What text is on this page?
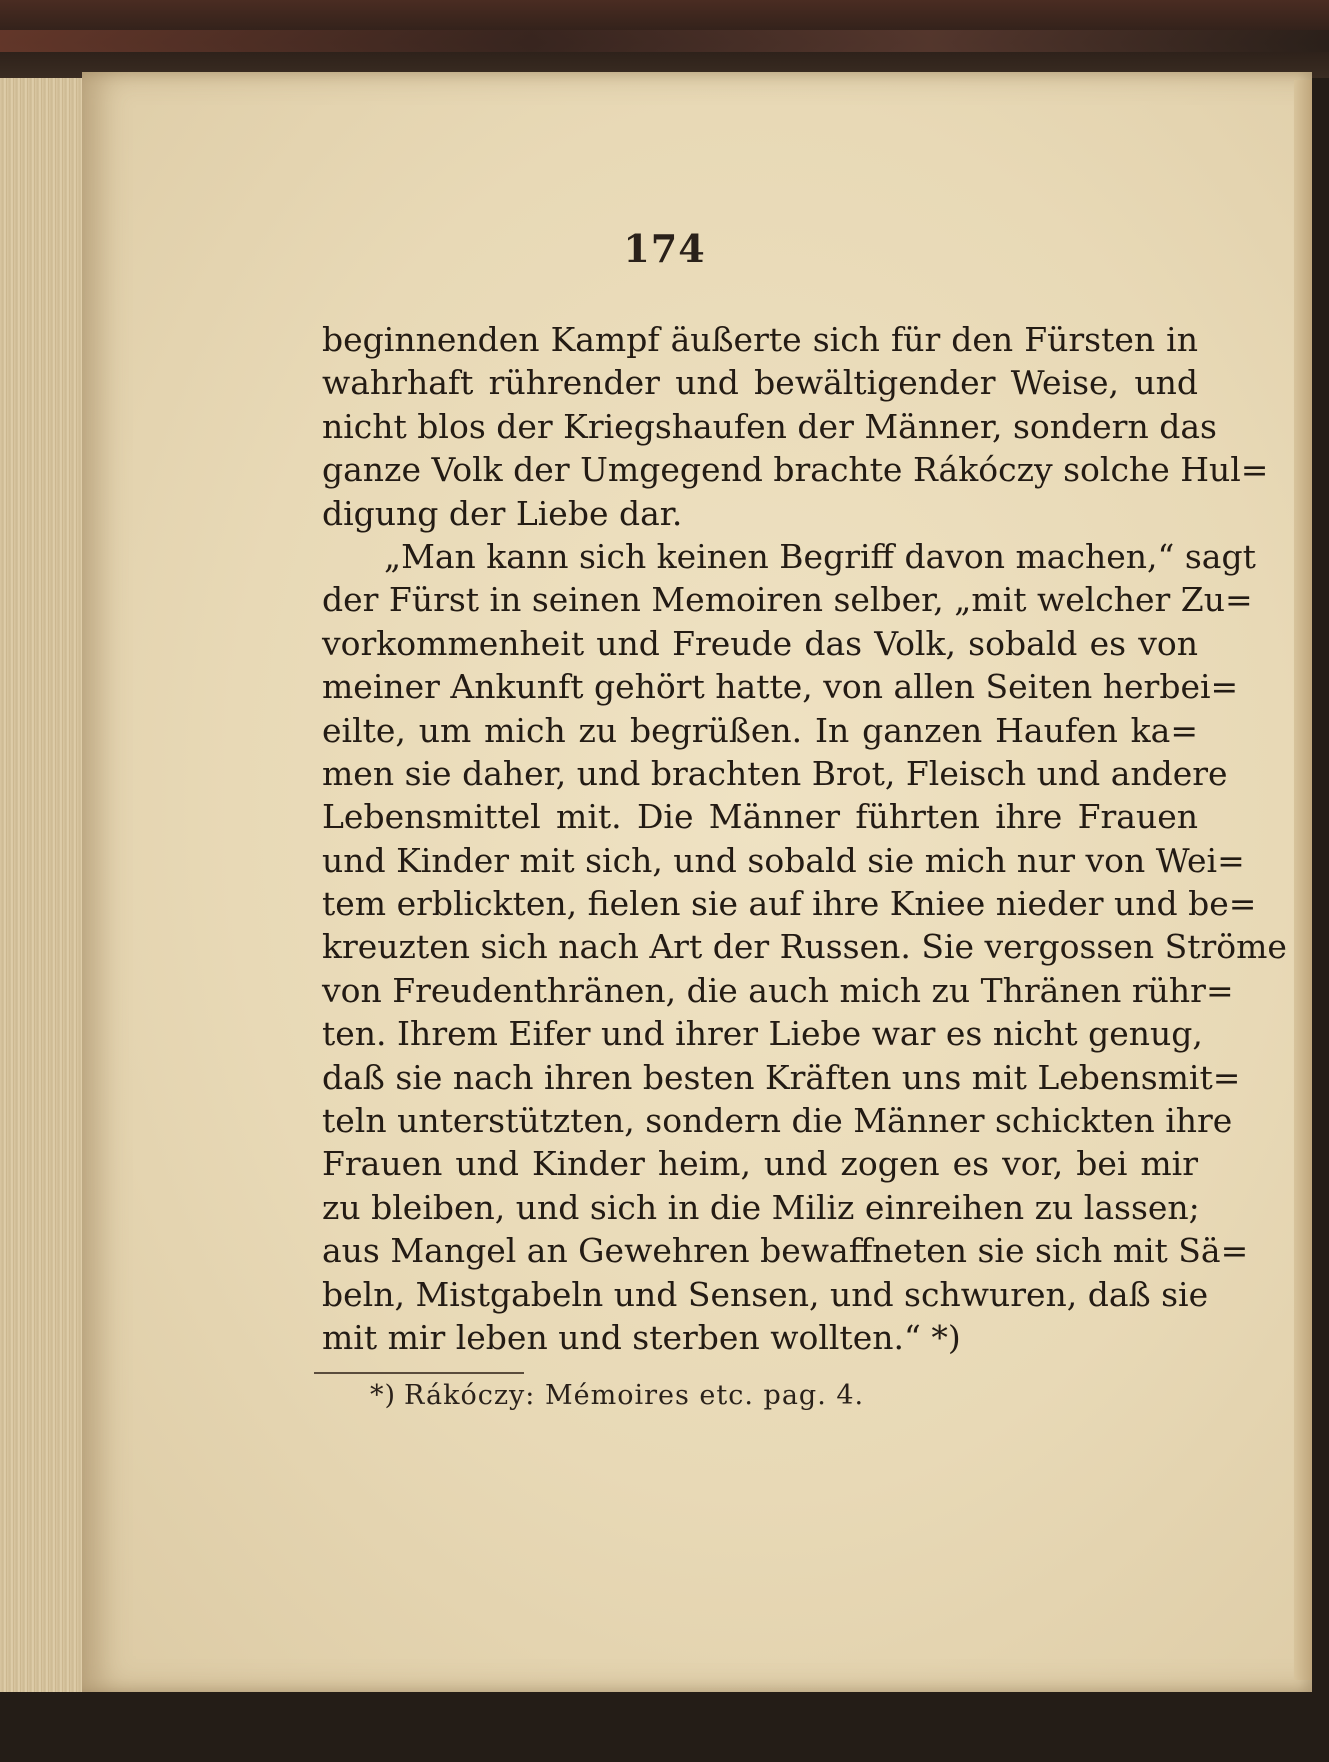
174
beginnenden Kampf äußerte sich für den Fürsten in
wahrhaft rührender und bewältigender Weise, und
nicht blos der Kriegshaufen der Männer, sondern das
ganze Volk der Umgegend brachte Rákóczy solche Hul=
digung der Liebe dar.
„Man kann sich keinen Begriff davon machen,“ sagt
der Fürst in seinen Memoiren selber, „mit welcher Zu=
vorkommenheit und Freude das Volk, sobald es von
meiner Ankunft gehört hatte, von allen Seiten herbei=
eilte, um mich zu begrüßen. In ganzen Haufen ka=
men sie daher, und brachten Brot, Fleisch und andere
Lebensmittel mit. Die Männer führten ihre Frauen
und Kinder mit sich, und sobald sie mich nur von Wei=
tem erblickten, fielen sie auf ihre Kniee nieder und be=
kreuzten sich nach Art der Russen. Sie vergossen Ströme
von Freudenthränen, die auch mich zu Thränen rühr=
ten. Ihrem Eifer und ihrer Liebe war es nicht genug,
daß sie nach ihren besten Kräften uns mit Lebensmit=
teln unterstützten, sondern die Männer schickten ihre
Frauen und Kinder heim, und zogen es vor, bei mir
zu bleiben, und sich in die Miliz einreihen zu lassen;
aus Mangel an Gewehren bewaffneten sie sich mit Sä=
beln, Mistgabeln und Sensen, und schwuren, daß sie
mit mir leben und sterben wollten.“ *)
*) Rákóczy: Mémoires etc. pag. 4.
